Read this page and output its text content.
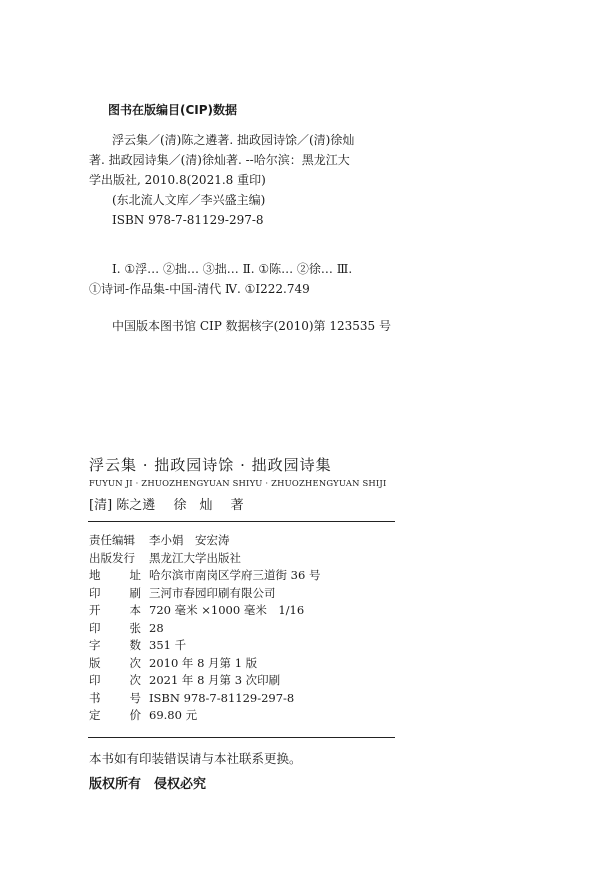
图书在版编目(CIP)数据

浮云集／(清)陈之遴著. 拙政园诗馀／(清)徐灿

著. 拙政园诗集／(清)徐灿著. --哈尔滨：黑龙江大

学出版社, 2010.8(2021.8 重印)

(东北流人文库／李兴盛主编)

ISBN 978-7-81129-297-8

Ⅰ. ①浮… ②拙… ③拙… Ⅱ. ①陈… ②徐… Ⅲ.

①诗词-作品集-中国-清代 Ⅳ. ①I222.749

中国版本图书馆 CIP 数据核字(2010)第 123535 号

浮云集 · 拙政园诗馀 · 拙政园诗集
FUYUN JI · ZHUOZHENGYUAN SHIYU · ZHUOZHENGYUAN SHIJI
[清] 陈之遴 徐　灿 著
责任编辑	李小娟　安宏涛
出版发行	黑龙江大学出版社
地	址 哈尔滨市南岗区学府三道街 36 号
印	刷 三河市春园印刷有限公司
开	本 720 毫米 ×1000 毫米　1/16
印	张 28
字	数 351 千
版	次 2010 年 8 月第 1 版
印	次 2021 年 8 月第 3 次印刷
书	号 ISBN 978-7-81129-297-8
定	价 69.80 元
本书如有印装错误请与本社联系更换。
版权所有　侵权必究
